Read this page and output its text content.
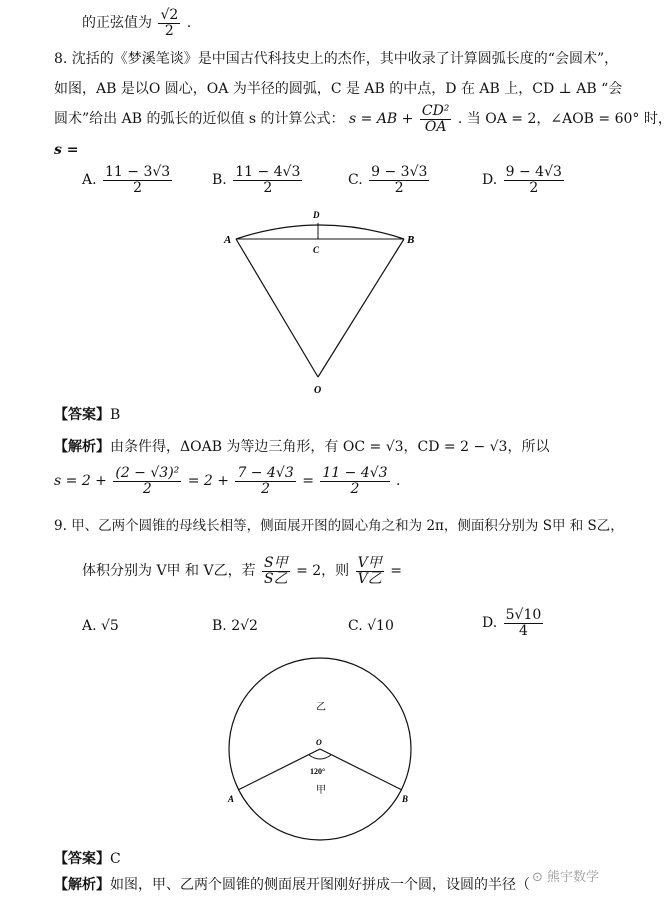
的正弦值为 $\frac{√2}{2}$ .
8. 沈括的《梦溪笔谈》是中国古代科技史上的杰作，其中收录了计算圆弧长度的“会圆术”，
如图，AB 是以O 圆心，OA 为半径的圆弧，C 是 AB 的中点，D 在 AB 上，CD ⊥ AB “会
圆术”给出 AB 的弧长的近似值 s 的计算公式： s = AB + $\frac{\text{CD²}}{OA}$ . 当 OA = 2，∠AOB = 60° 时，
s =
A. $\frac{11 - 3√3}{2}$	B. $\frac{11 - 4√3}{2}$	C. $\frac{9 - 3√3}{2}$	D. $\frac{9 - 4√3}{2}$
A	B
C
D
O
【答案】B
【解析】由条件得，ΔOAB 为等边三角形，有 OC = √3，CD = 2 − √3，所以
$s = 2 + \frac{\text{(2 − √3)²}}{2} = 2 + \frac{7 - 4√3}{2} = \frac{11 - 4√3}{2}$ .
9. 甲、乙两个圆锥的母线长相等，侧面展开图的圆心角之和为 2π，侧面积分别为 S甲 和 S乙，
体积分别为 V甲 和 V乙，若 $\frac{\text{S甲}}{\text{S乙}} = 2$，则 $\frac{\text{V甲}}{\text{V乙}}$ =
A. √5	B. 2√2	C. √10	D. $\frac{5√10}{4}$
乙
O
120°
甲
A	B
【答案】C
【解析】如图，甲、乙两个圆锥的侧面展开图刚好拼成一个圆，设圆的半径（ ⊙ 熊宇数学
